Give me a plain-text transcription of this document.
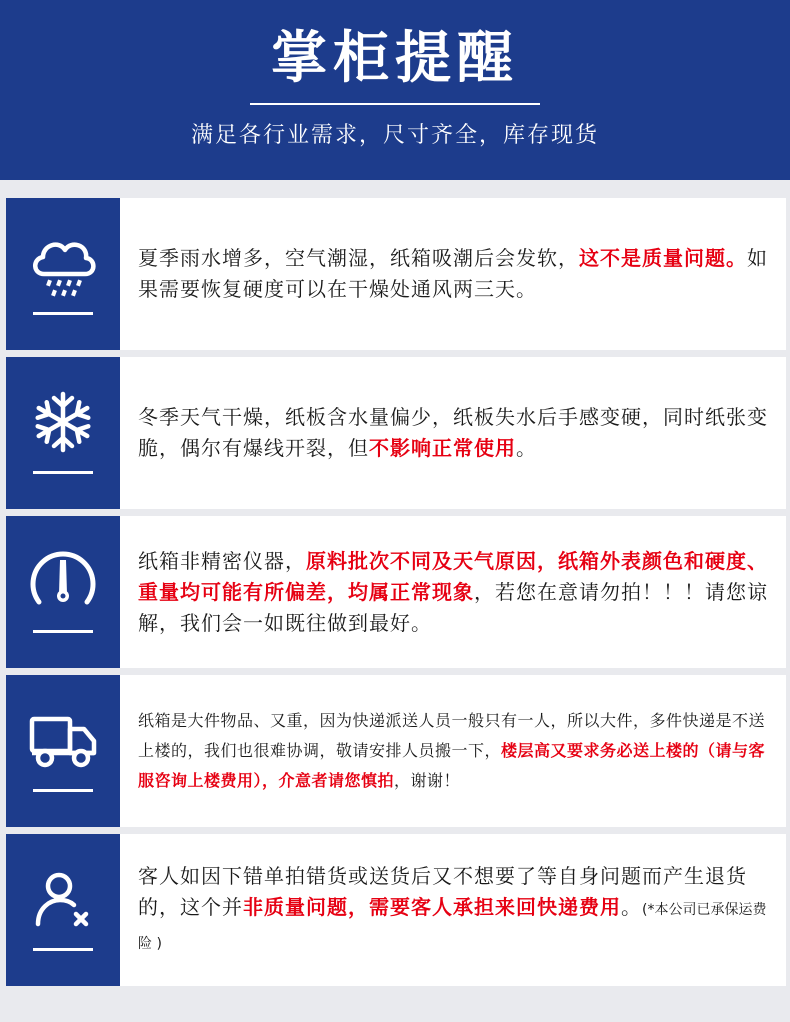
掌柜提醒
满足各行业需求，尺寸齐全，库存现货

夏季雨水增多，空气潮湿，纸箱吸潮后会发软，这不是质量问题。如果需要恢复硬度可以在干燥处通风两三天。

冬季天气干燥，纸板含水量偏少，纸板失水后手感变硬，同时纸张变脆，偶尔有爆线开裂，但不影响正常使用。

纸箱非精密仪器，原料批次不同及天气原因，纸箱外表颜色和硬度、重量均可能有所偏差，均属正常现象，若您在意请勿拍！！！请您谅解，我们会一如既往做到最好。

纸箱是大件物品、又重，因为快递派送人员一般只有一人，所以大件，多件快递是不送上楼的，我们也很难协调，敬请安排人员搬一下，楼层高又要求务必送上楼的（请与客服咨询上楼费用），介意者请您慎拍，谢谢！

客人如因下错单拍错货或送货后又不想要了等自身问题而产生退货的，这个并非质量问题，需要客人承担来回快递费用。(*本公司已承保运费险 )
